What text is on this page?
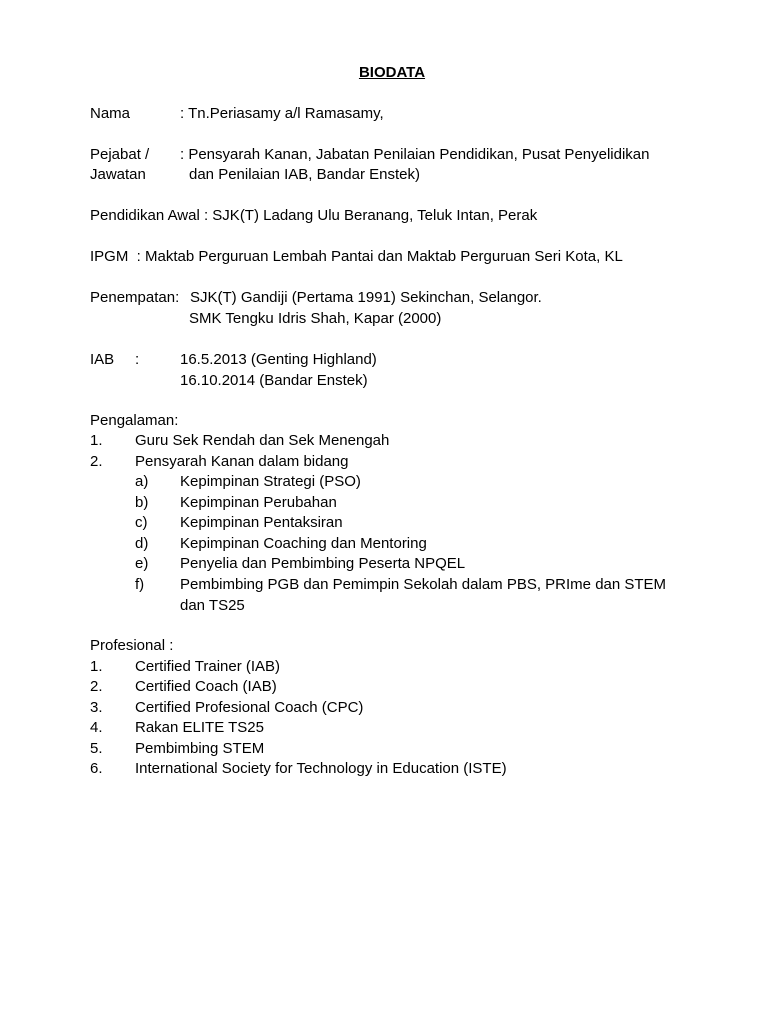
BIODATA
Nama	: Tn.Periasamy a/l Ramasamy,
Pejabat /
Jawatan
: Pensyarah Kanan, Jabatan Penilaian Pendidikan, Pusat Penyelidikan
dan Penilaian IAB, Bandar Enstek)
Pendidikan Awal : SJK(T) Ladang Ulu Beranang, Teluk Intan, Perak
IPGM  : Maktab Perguruan Lembah Pantai dan Maktab Perguruan Seri Kota, KL
Penempatan: SJK(T) Gandiji (Pertama 1991) Sekinchan, Selangor.
SMK Tengku Idris Shah, Kapar (2000)
IAB :	16.5.2013 (Genting Highland)
16.10.2014 (Bandar Enstek)
Pengalaman:
1. Guru Sek Rendah dan Sek Menengah
2. Pensyarah Kanan dalam bidang
a) Kepimpinan Strategi (PSO)
b) Kepimpinan Perubahan
c) Kepimpinan Pentaksiran
d) Kepimpinan Coaching dan Mentoring
e) Penyelia dan Pembimbing Peserta NPQEL
f) Pembimbing PGB dan Pemimpin Sekolah dalam PBS, PRIme dan STEM
dan TS25
Profesional :
1. Certified Trainer (IAB)
2. Certified Coach (IAB)
3. Certified Profesional Coach (CPC)
4. Rakan ELITE TS25
5. Pembimbing STEM
6. International Society for Technology in Education (ISTE)
